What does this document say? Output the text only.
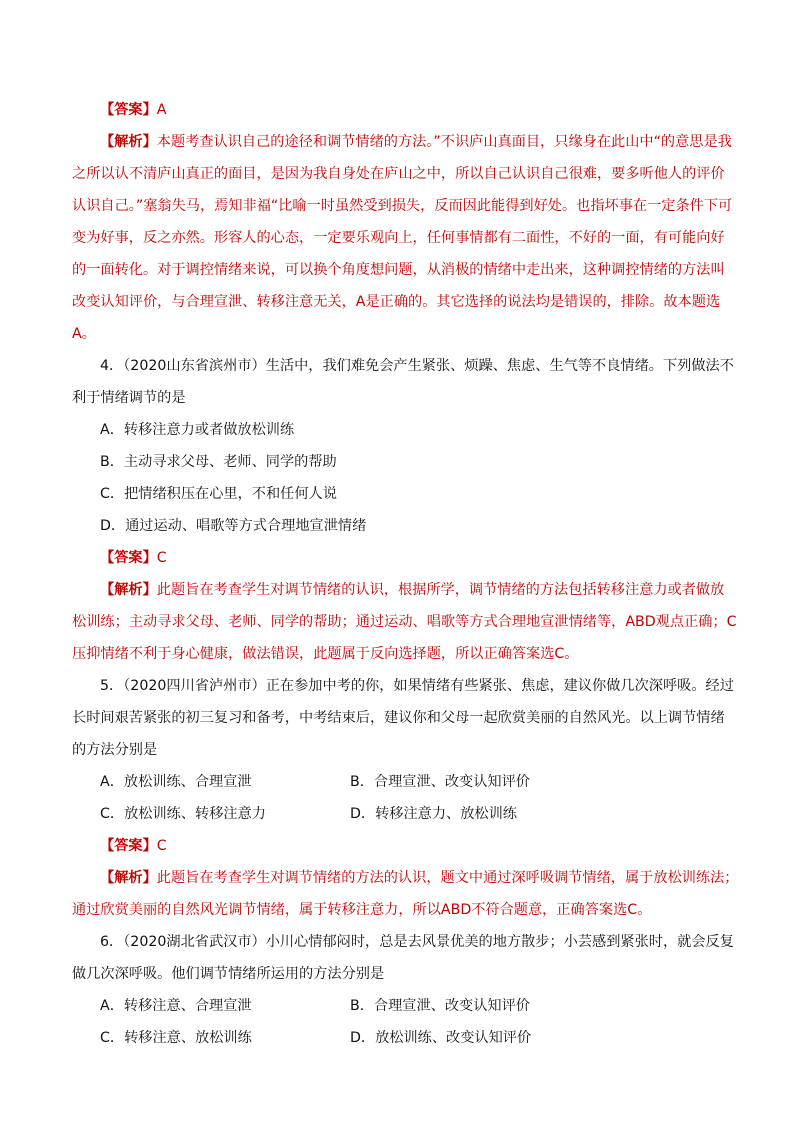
【答案】A
【解析】本题考查认识自己的途径和调节情绪的方法。”不识庐山真面目，只缘身在此山中“的意思是我
之所以认不清庐山真正的面目，是因为我自身处在庐山之中，所以自己认识自己很难，要多听他人的评价
认识自己。”塞翁失马，焉知非福“比喻一时虽然受到损失，反而因此能得到好处。也指坏事在一定条件下可
变为好事，反之亦然。形容人的心态，一定要乐观向上，任何事情都有二面性，不好的一面，有可能向好
的一面转化。对于调控情绪来说，可以换个角度想问题，从消极的情绪中走出来，这种调控情绪的方法叫
改变认知评价，与合理宣泄、转移注意无关，A是正确的。其它选择的说法均是错误的，排除。故本题选
A。
4．（2020山东省滨州市）生活中，我们难免会产生紧张、烦躁、焦虑、生气等不良情绪。下列做法不
利于情绪调节的是
A．转移注意力或者做放松训练
B．主动寻求父母、老师、同学的帮助
C．把情绪积压在心里，不和任何人说
D．通过运动、唱歌等方式合理地宣泄情绪
【答案】C
【解析】此题旨在考查学生对调节情绪的认识，根据所学，调节情绪的方法包括转移注意力或者做放
松训练；主动寻求父母、老师、同学的帮助；通过运动、唱歌等方式合理地宣泄情绪等，ABD观点正确；C
压抑情绪不利于身心健康，做法错误，此题属于反向选择题，所以正确答案选C。
5．（2020四川省泸州市）正在参加中考的你，如果情绪有些紧张、焦虑，建议你做几次深呼吸。经过
长时间艰苦紧张的初三复习和备考，中考结束后，建议你和父母一起欣赏美丽的自然风光。以上调节情绪
的方法分别是
A．放松训练、合理宣泄	B．合理宣泄、改变认知评价
C．放松训练、转移注意力	D．转移注意力、放松训练
【答案】C
【解析】此题旨在考查学生对调节情绪的方法的认识，题文中通过深呼吸调节情绪，属于放松训练法；
通过欣赏美丽的自然风光调节情绪，属于转移注意力，所以ABD不符合题意，正确答案选C。
6．（2020湖北省武汉市）小川心情郁闷时，总是去风景优美的地方散步；小芸感到紧张时，就会反复
做几次深呼吸。他们调节情绪所运用的方法分别是
A．转移注意、合理宣泄	B．合理宣泄、改变认知评价
C．转移注意、放松训练	D．放松训练、改变认知评价
